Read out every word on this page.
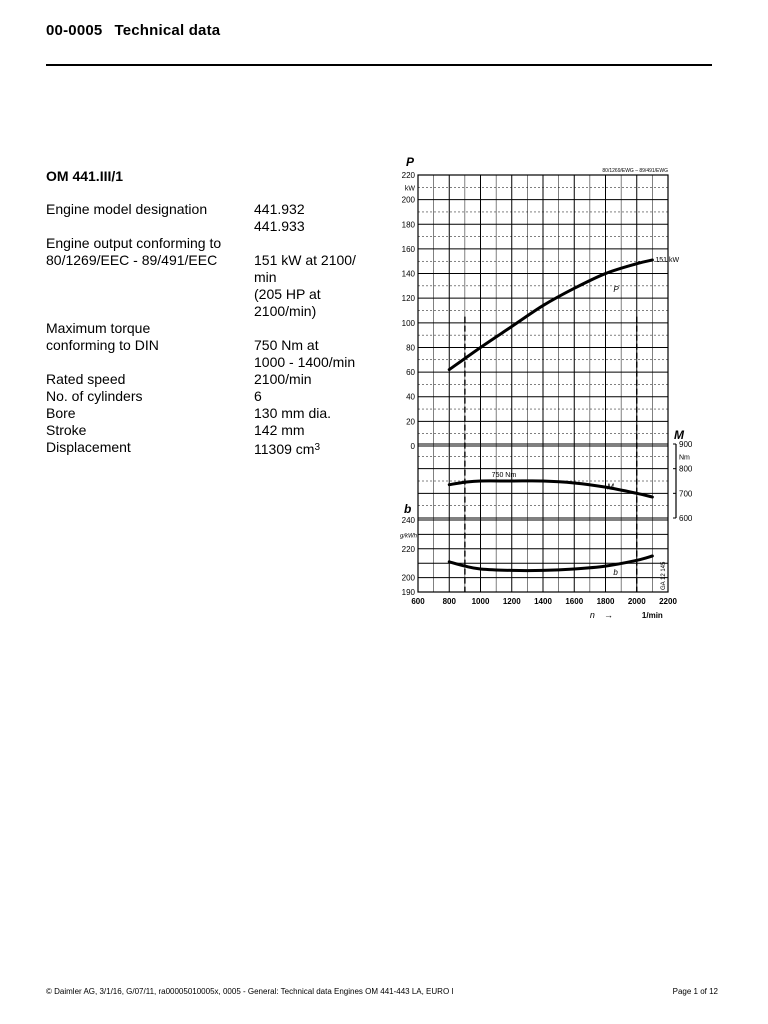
00-0005 Technical data
OM 441.III/1
Engine model designation	441.932
441.933
Engine output conforming to
80/1269/EEC - 89/491/EEC	151 kW at 2100/
min
(205 HP at
2100/min)
Maximum torque
conforming to DIN	750 Nm at
1000 - 1400/min
Rated speed	2100/min
No. of cylinders	6
Bore	130 mm dia.
Stroke	142 mm
Displacement	11309 $cm^3$
220
200
180
160
140
120
100
80
60
40
20
0
P
kW
240
220
200
190
b
g/kWh
900
800
700
600
Nm
M
600 800 1000 1200 1400 1600 1800 2000 2200
n →	1/min
80/1269/EWG – 89/491/EWG
GA 12 145
151 kW
P
750 Nm
M
b
© Daimler AG, 3/1/16, G/07/11, ra00005010005x, 0005 - General: Technical data Engines OM 441-443 LA, EURO I	Page 1 of 12
